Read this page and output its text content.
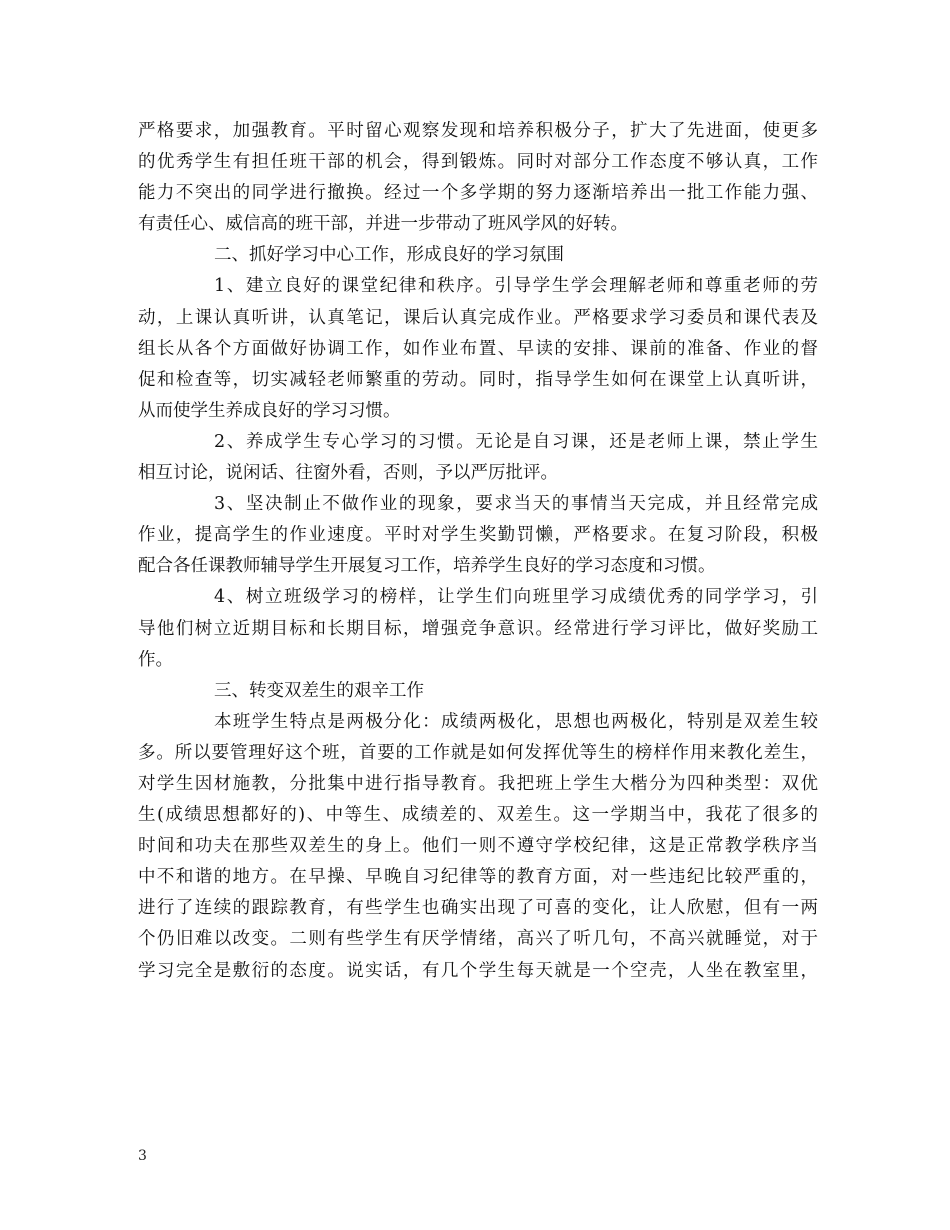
严格要求，加强教育。平时留心观察发现和培养积极分子，扩大了先进面，使更多
的优秀学生有担任班干部的机会，得到锻炼。同时对部分工作态度不够认真，工作
能力不突出的同学进行撤换。经过一个多学期的努力逐渐培养出一批工作能力强、
有责任心、威信高的班干部，并进一步带动了班风学风的好转。
二、抓好学习中心工作，形成良好的学习氛围
1、建立良好的课堂纪律和秩序。引导学生学会理解老师和尊重老师的劳
动，上课认真听讲，认真笔记，课后认真完成作业。严格要求学习委员和课代表及
组长从各个方面做好协调工作，如作业布置、早读的安排、课前的准备、作业的督
促和检查等，切实减轻老师繁重的劳动。同时，指导学生如何在课堂上认真听讲，
从而使学生养成良好的学习习惯。
2、养成学生专心学习的习惯。无论是自习课，还是老师上课，禁止学生
相互讨论，说闲话、往窗外看，否则，予以严厉批评。
3、坚决制止不做作业的现象，要求当天的事情当天完成，并且经常完成
作业，提高学生的作业速度。平时对学生奖勤罚懒，严格要求。在复习阶段，积极
配合各任课教师辅导学生开展复习工作，培养学生良好的学习态度和习惯。
4、树立班级学习的榜样，让学生们向班里学习成绩优秀的同学学习，引
导他们树立近期目标和长期目标，增强竞争意识。经常进行学习评比，做好奖励工
作。
三、转变双差生的艰辛工作
本班学生特点是两极分化：成绩两极化，思想也两极化，特别是双差生较
多。所以要管理好这个班，首要的工作就是如何发挥优等生的榜样作用来教化差生，
对学生因材施教，分批集中进行指导教育。我把班上学生大楷分为四种类型：双优
生(成绩思想都好的)、中等生、成绩差的、双差生。这一学期当中，我花了很多的
时间和功夫在那些双差生的身上。他们一则不遵守学校纪律，这是正常教学秩序当
中不和谐的地方。在早操、早晚自习纪律等的教育方面，对一些违纪比较严重的，
进行了连续的跟踪教育，有些学生也确实出现了可喜的变化，让人欣慰，但有一两
个仍旧难以改变。二则有些学生有厌学情绪，高兴了听几句，不高兴就睡觉，对于
学习完全是敷衍的态度。说实话，有几个学生每天就是一个空壳，人坐在教室里，
3
